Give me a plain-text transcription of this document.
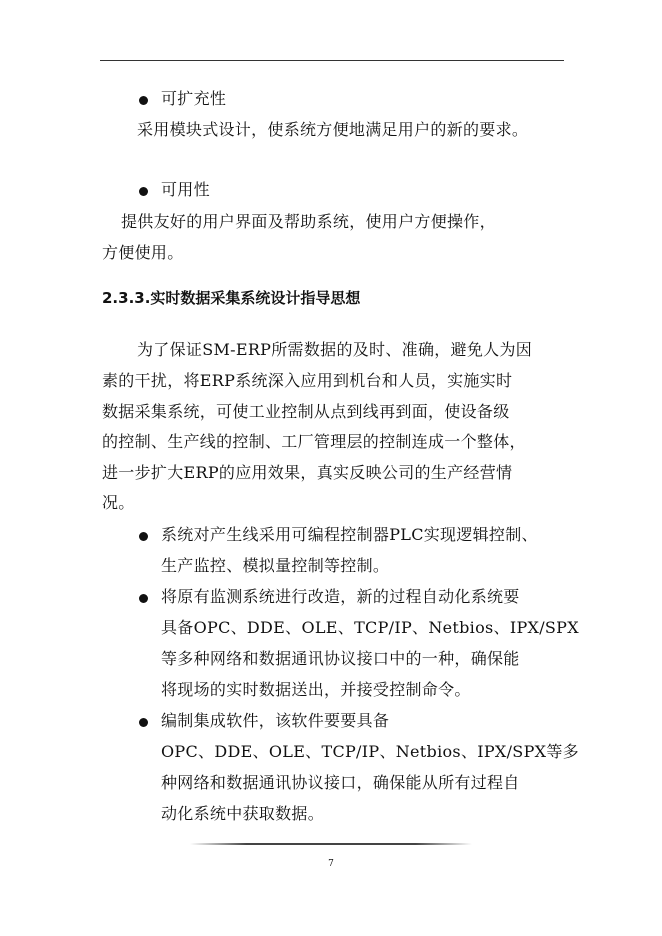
可扩充性
采用模块式设计，使系统方便地满足用户的新的要求。
可用性
提供友好的用户界面及帮助系统，使用户方便操作，
方便使用。
2.3.3.实时数据采集系统设计指导思想
为了保证SM-ERP所需数据的及时、准确，避免人为因
素的干扰，将ERP系统深入应用到机台和人员，实施实时
数据采集系统，可使工业控制从点到线再到面，使设备级
的控制、生产线的控制、工厂管理层的控制连成一个整体，
进一步扩大ERP的应用效果，真实反映公司的生产经营情
况。
系统对产生线采用可编程控制器PLC实现逻辑控制、
生产监控、模拟量控制等控制。
将原有监测系统进行改造，新的过程自动化系统要
具备OPC、DDE、OLE、TCP/IP、Netbios、IPX/SPX
等多种网络和数据通讯协议接口中的一种，确保能
将现场的实时数据送出，并接受控制命令。
编制集成软件，该软件要要具备
OPC、DDE、OLE、TCP/IP、Netbios、IPX/SPX等多
种网络和数据通讯协议接口，确保能从所有过程自
动化系统中获取数据。
7
